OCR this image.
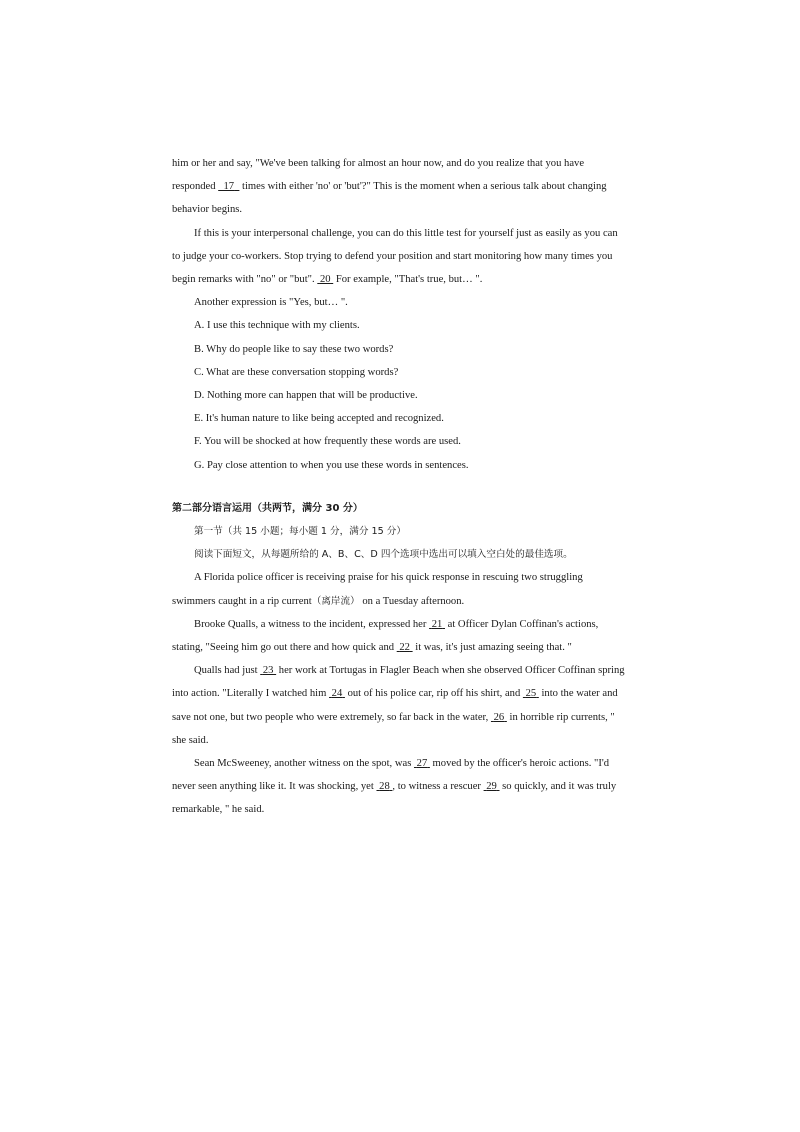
him or her and say, "We've been talking for almost an hour now, and do you realize that you have responded 17 times with either 'no' or 'but'?" This is the moment when a serious talk about changing behavior begins.

If this is your interpersonal challenge, you can do this little test for yourself just as easily as you can to judge your co-workers. Stop trying to defend your position and start monitoring how many times you begin remarks with "no" or "but". 20 For example, "That's true, but… ".

Another expression is "Yes, but… ".

A. I use this technique with my clients.

B. Why do people like to say these two words?

C. What are these conversation stopping words?

D. Nothing more can happen that will be productive.

E. It's human nature to like being accepted and recognized.

F. You will be shocked at how frequently these words are used.

G. Pay close attention to when you use these words in sentences.

第二部分语言运用（共两节，满分 30 分）

第一节（共 15 小题；每小题 1 分，满分 15 分）

阅读下面短文，从每题所给的 A、B、C、D 四个选项中选出可以填入空白处的最佳选项。

A Florida police officer is receiving praise for his quick response in rescuing two struggling swimmers caught in a rip current（离岸流） on a Tuesday afternoon.

Brooke Qualls, a witness to the incident, expressed her 21 at Officer Dylan Coffinan's actions, stating, "Seeing him go out there and how quick and 22 it was, it's just amazing seeing that. "

Qualls had just 23 her work at Tortugas in Flagler Beach when she observed Officer Coffinan spring into action. "Literally I watched him 24 out of his police car, rip off his shirt, and 25 into the water and save not one, but two people who were extremely, so far back in the water, 26 in horrible rip currents, " she said.

Sean McSweeney, another witness on the spot, was 27 moved by the officer's heroic actions. "I'd never seen anything like it. It was shocking, yet 28 , to witness a rescuer 29 so quickly, and it was truly remarkable, " he said.
